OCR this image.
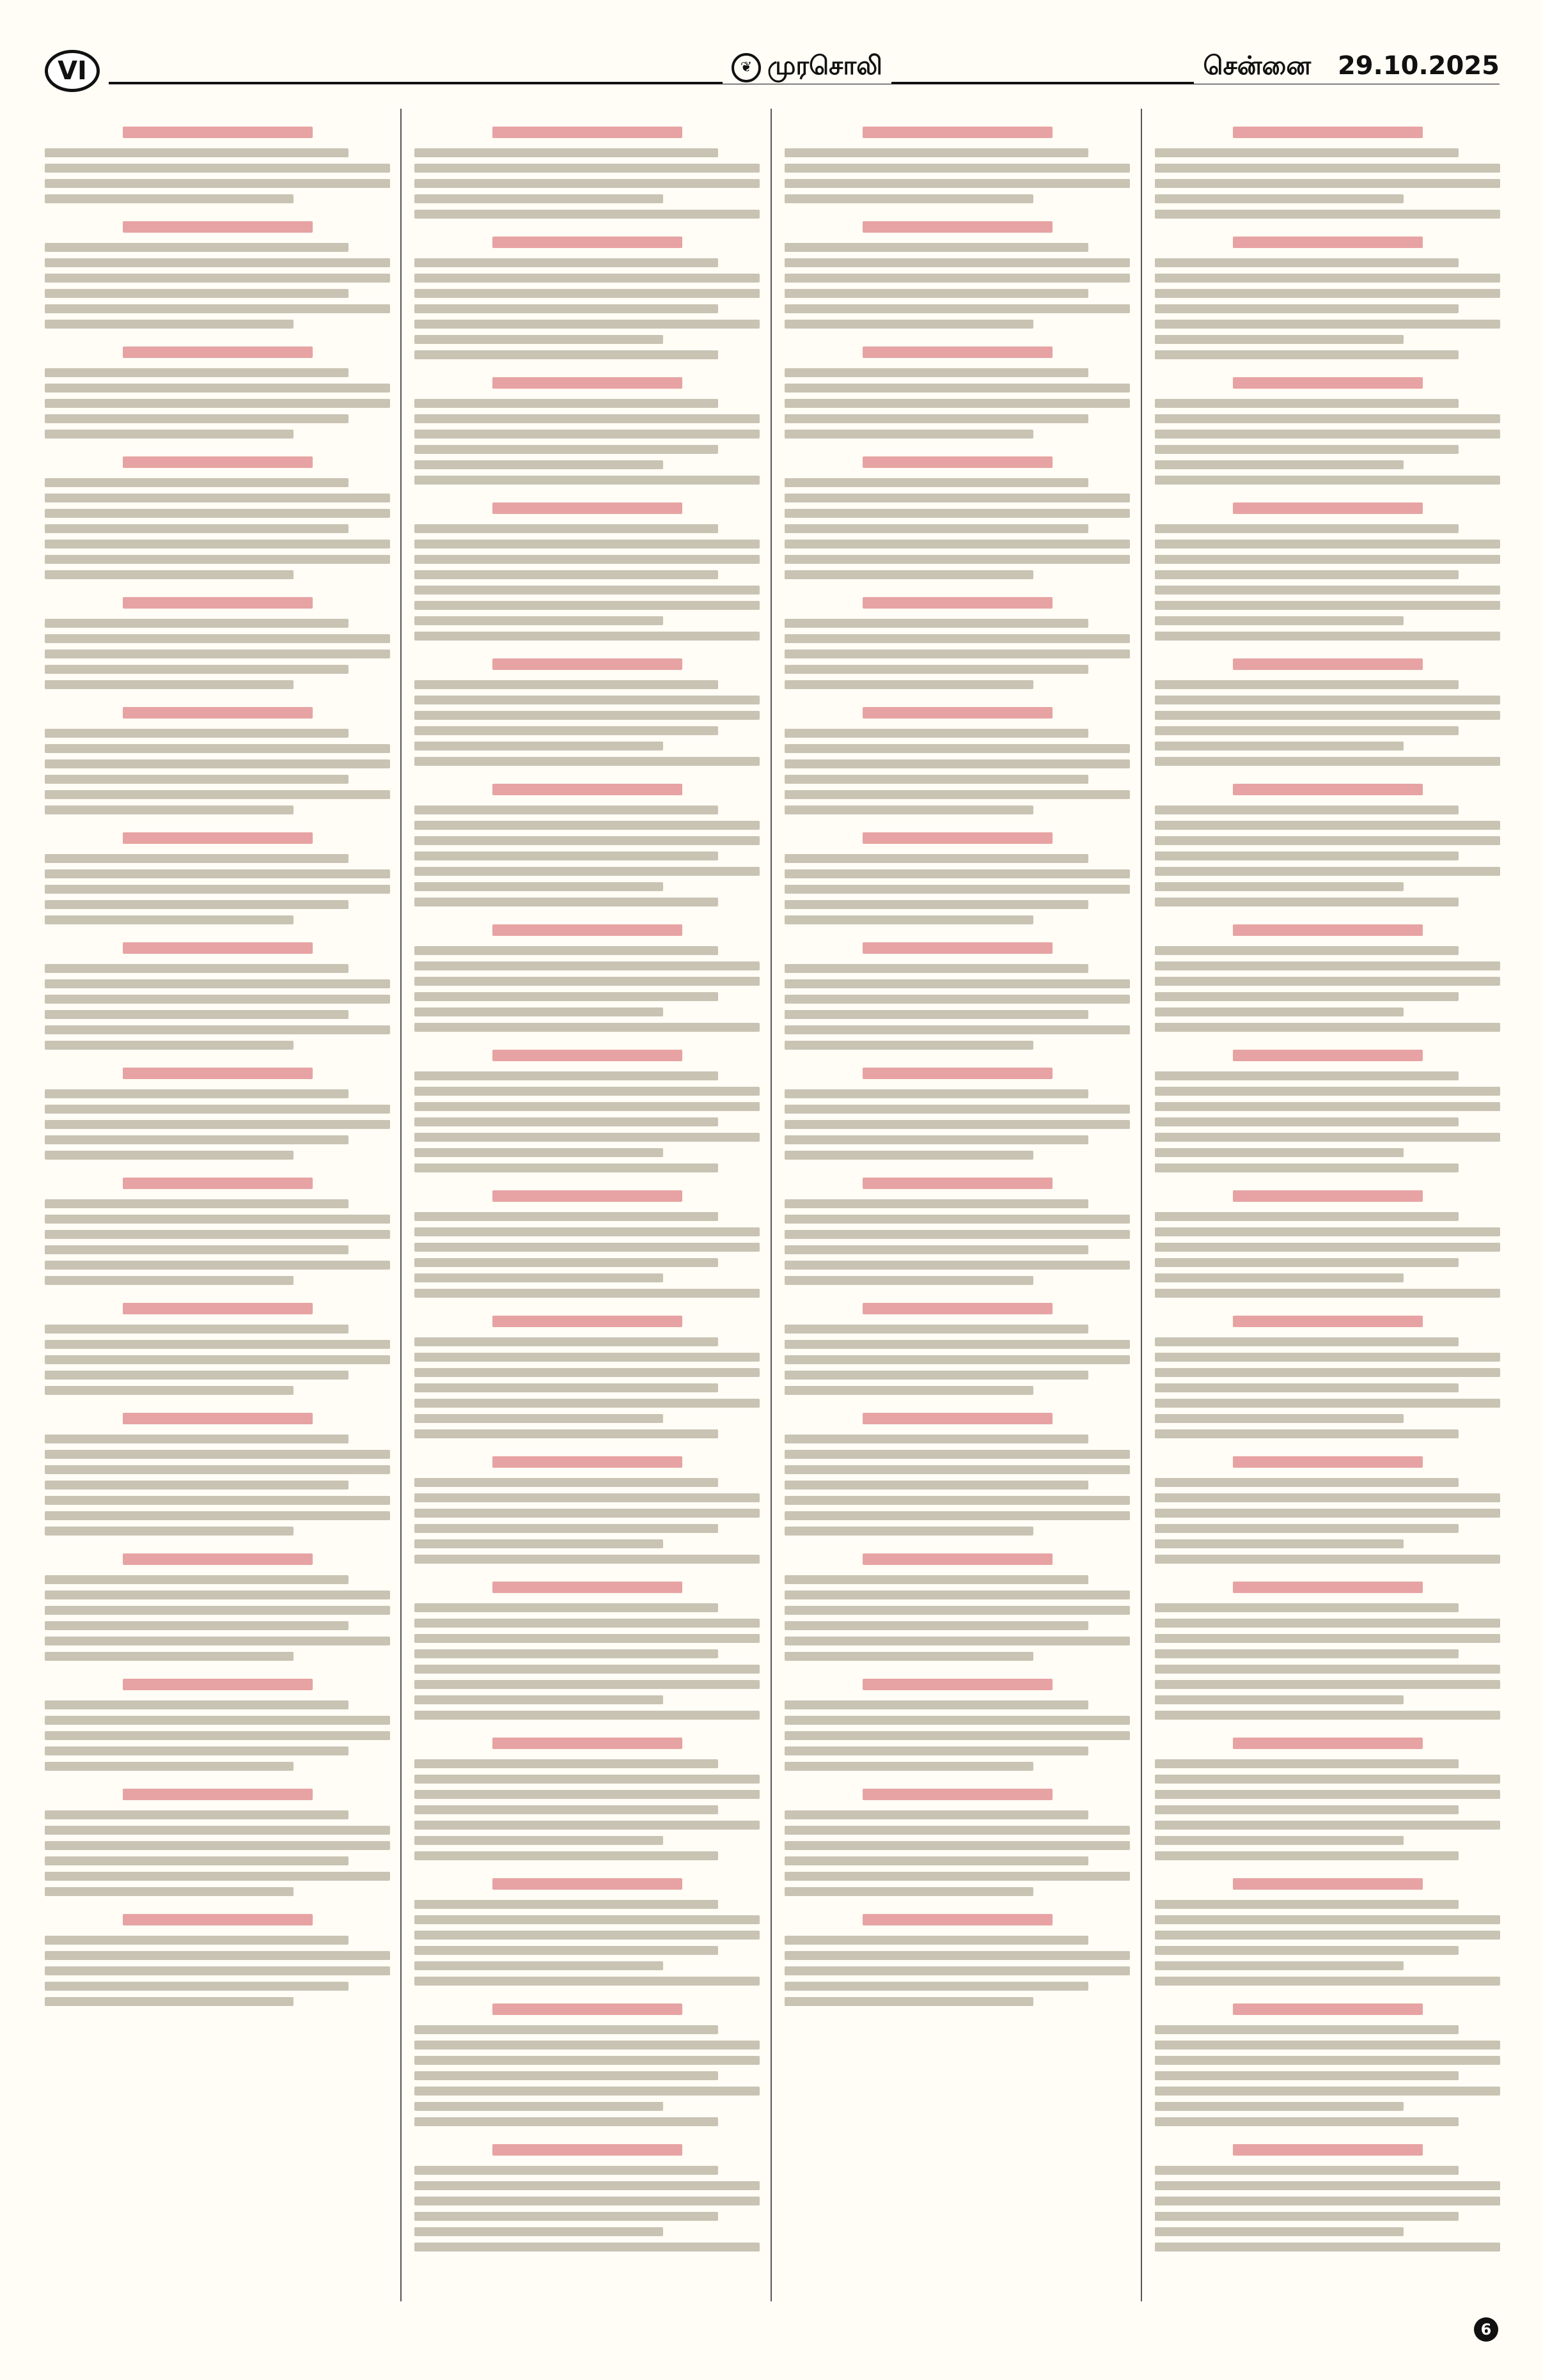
VI	❦ முரசொலி	சென்னை 29.10.2025
6
